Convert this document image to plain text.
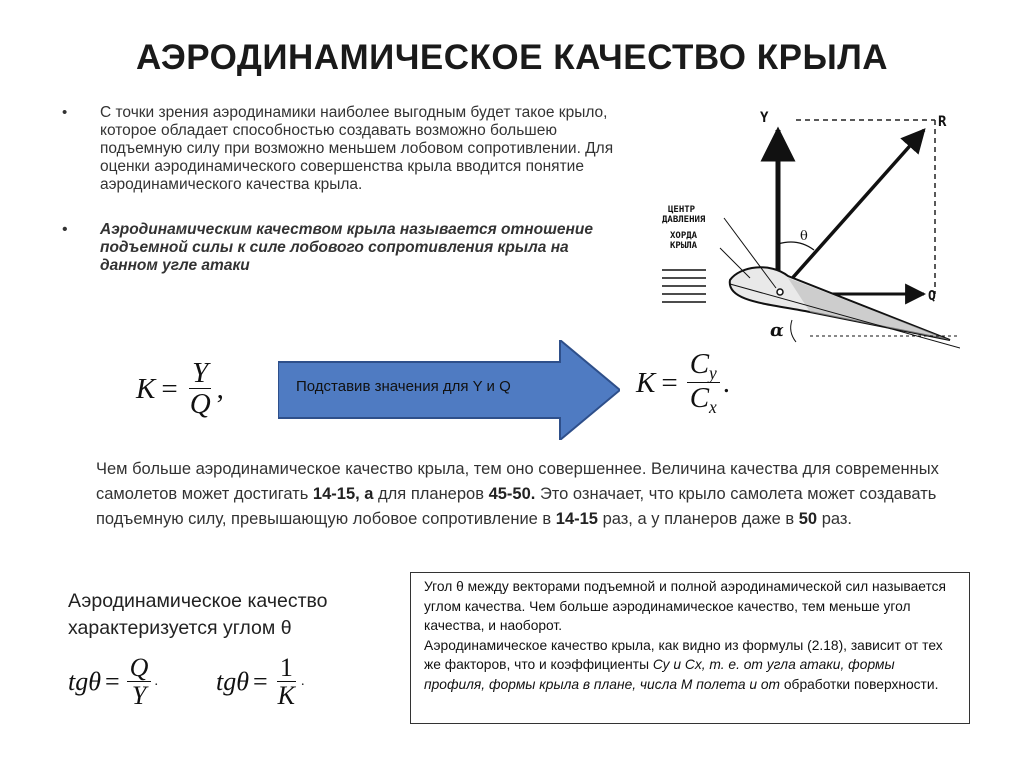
АЭРОДИНАМИЧЕСКОЕ КАЧЕСТВО КРЫЛА
• С точки зрения аэродинамики наиболее выгодным будет такое крыло, которое обладает способностью создавать возможно большею подъемную силу при возможно меньшем лобовом сопротивлении. Для оценки аэродинамического совершенства крыла вводится понятие аэродинамического качества крыла.
• Аэродинамическим качеством крыла называется отношение подъемной силы к силе лобового сопротивления крыла на данном угле атаки
$K = \frac{Y}{Q}$ ,	Подставив значения для Y и Q	$K = \frac{C_y}{C_x}$ .
Чем больше аэродинамическое качество крыла, тем оно совершеннее. Величина качества для современных самолетов может достигать 14-15, а для планеров 45-50. Это означает, что крыло самолета может создавать подъемную силу, превышающую лобовое сопротивление в 14-15 раз, а у планеров даже в 50 раз.
Аэродинамическое качество
характеризуется углом θ
$tg\theta = \frac{Q}{Y}$ . $tg\theta = \frac{1}{K}$ .
Угол θ между векторами подъемной и полной аэродинамической сил называется углом качества. Чем больше аэродинамическое качество, тем меньше угол качества, и наоборот.
Аэродинамическое качество крыла, как видно из формулы (2.18), зависит от тех же факторов, что и коэффициенты Су и Сх, т. е. от угла атаки, формы профиля, формы крыла в плане, числа М полета и от обработки поверхности.
Y	R
Q
θ
α
ЦЕНТР
ДАВЛЕНИЯ
ХОРДА
КРЫЛА
